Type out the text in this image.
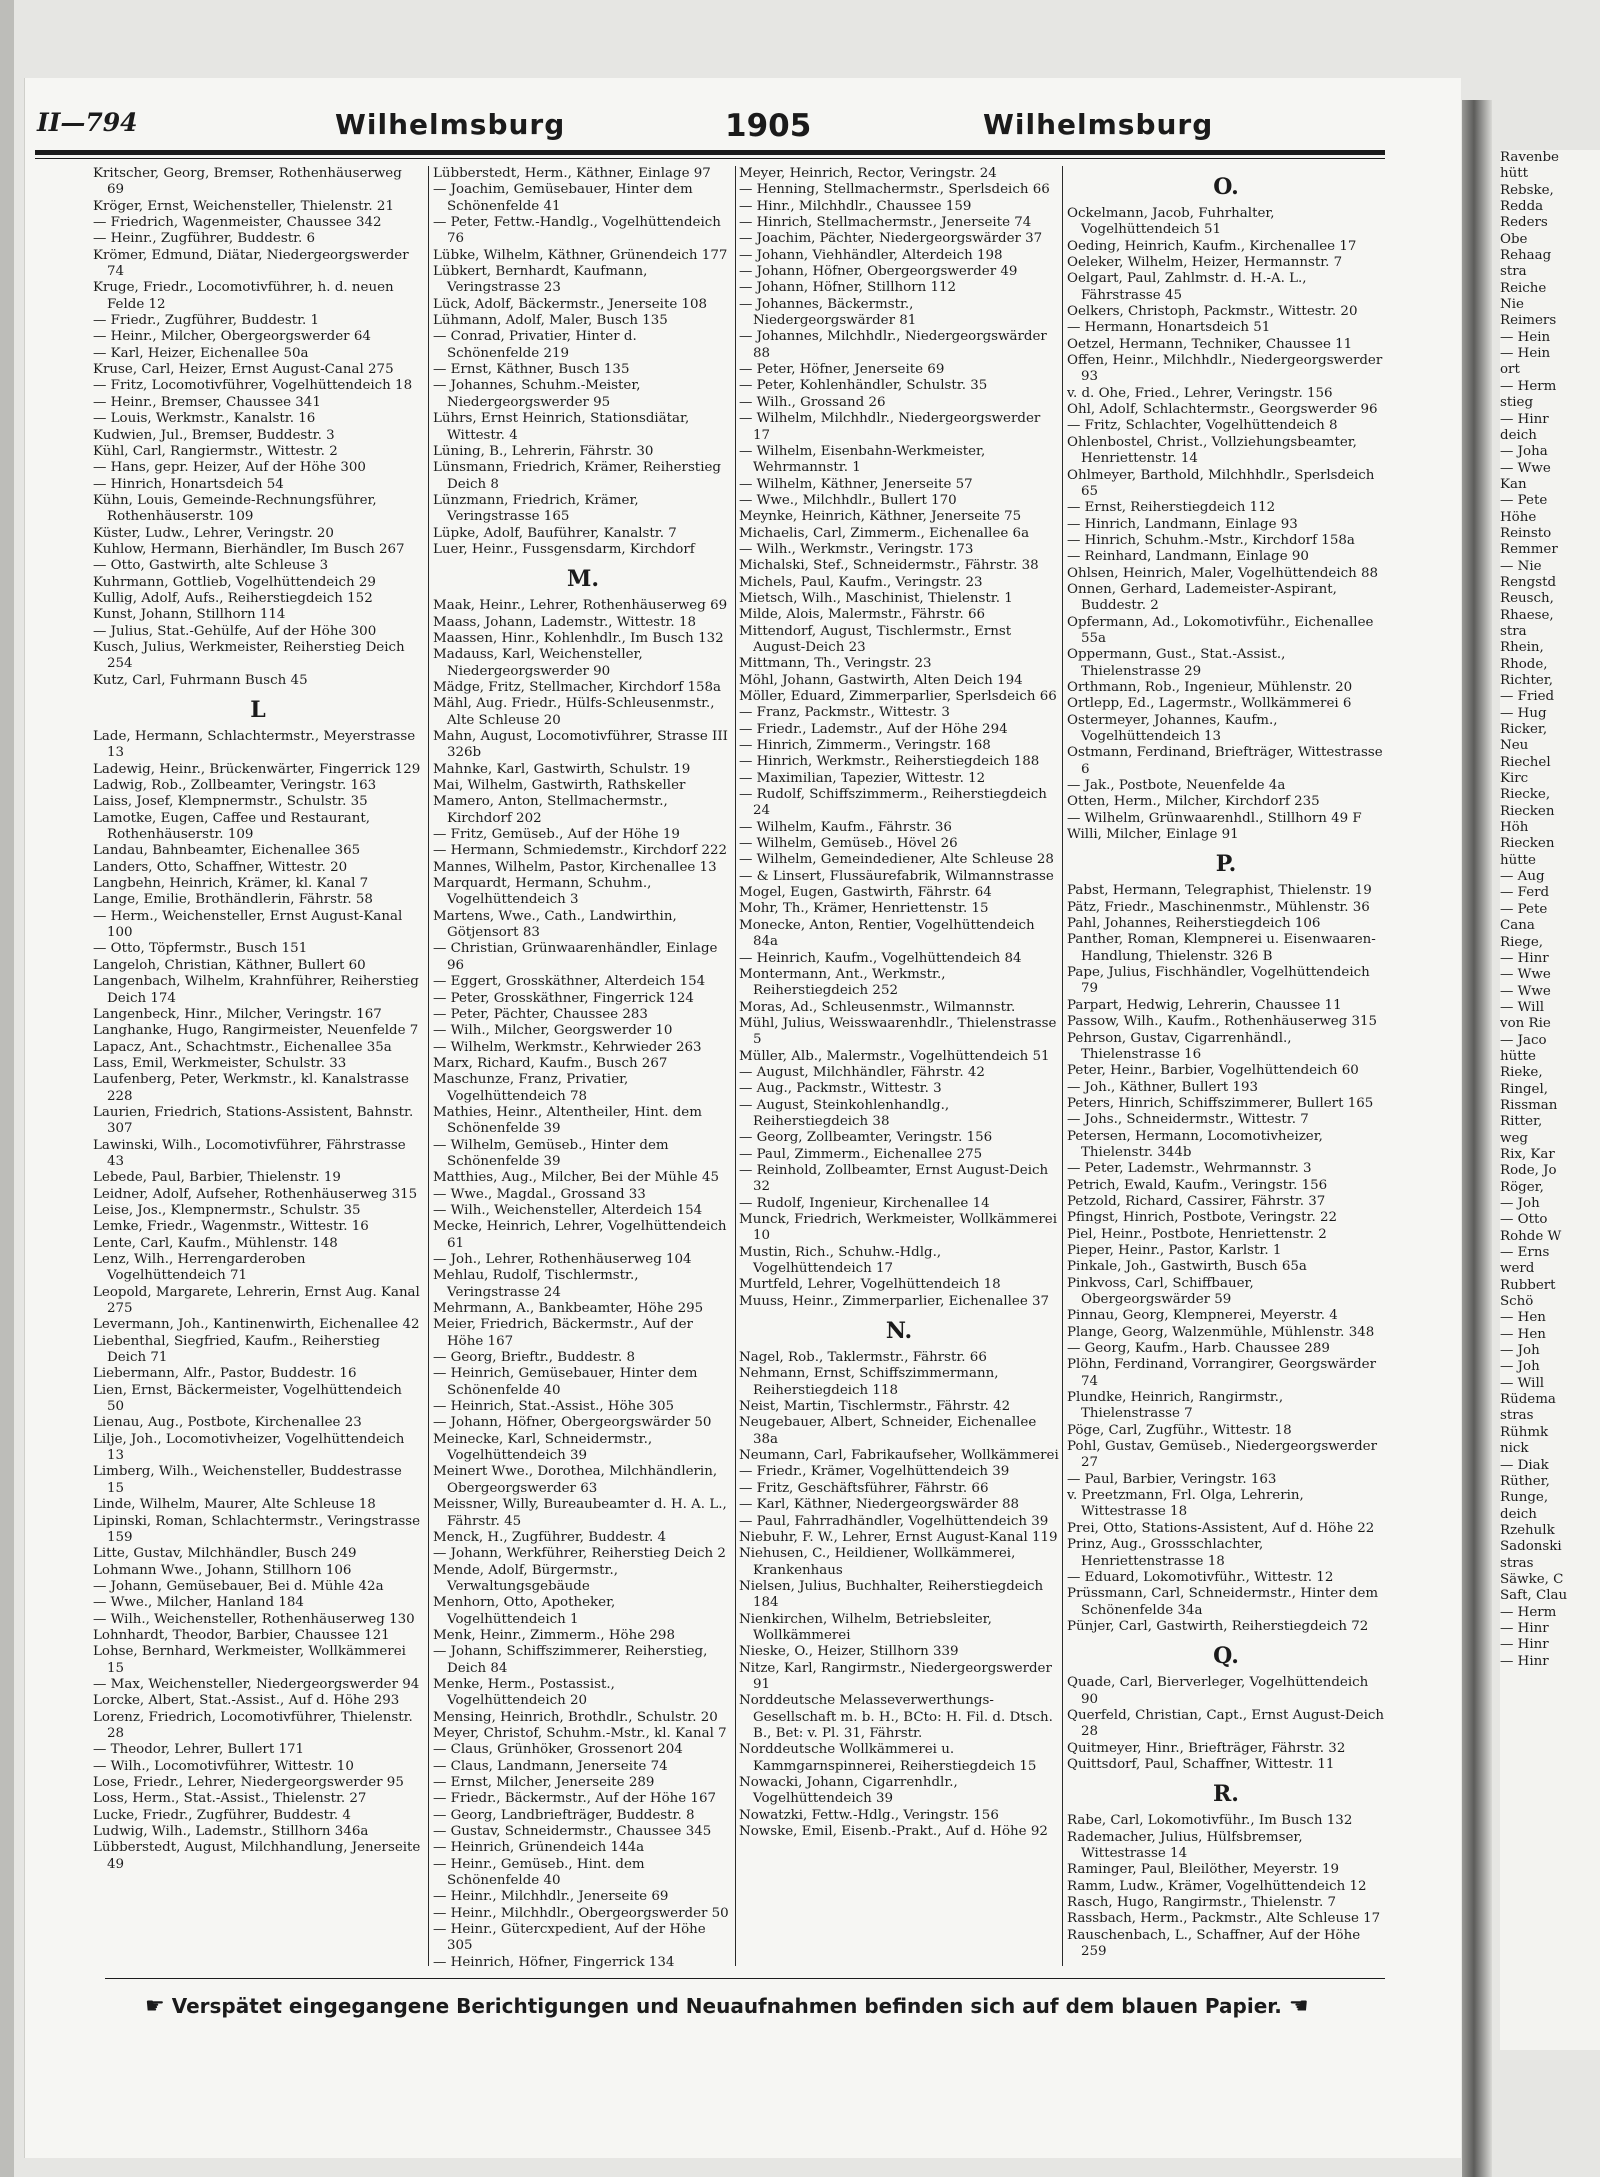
II—794	Wilhelmsburg	1905	Wilhelmsburg
Kritscher, Georg, Bremser, Rothenhäuserweg 69
Kröger, Ernst, Weichensteller, Thielenstr. 21
— Friedrich, Wagenmeister, Chaussee 342
— Heinr., Zugführer, Buddestr. 6
Krömer, Edmund, Diätar, Niedergeorgswerder 74
Kruge, Friedr., Locomotivführer, h. d. neuen Felde 12
— Friedr., Zugführer, Buddestr. 1
— Heinr., Milcher, Obergeorgswerder 64
— Karl, Heizer, Eichenallee 50a
Kruse, Carl, Heizer, Ernst August-Canal 275
— Fritz, Locomotivführer, Vogelhüttendeich 18
— Heinr., Bremser, Chaussee 341
— Louis, Werkmstr., Kanalstr. 16
Kudwien, Jul., Bremser, Buddestr. 3
Kühl, Carl, Rangiermstr., Wittestr. 2
— Hans, gepr. Heizer, Auf der Höhe 300
— Hinrich, Honartsdeich 54
Kühn, Louis, Gemeinde-Rechnungsführer, Rothenhäuserstr. 109
Küster, Ludw., Lehrer, Veringstr. 20
Kuhlow, Hermann, Bierhändler, Im Busch 267
— Otto, Gastwirth, alte Schleuse 3
Kuhrmann, Gottlieb, Vogelhüttendeich 29
Kullig, Adolf, Aufs., Reiherstiegdeich 152
Kunst, Johann, Stillhorn 114
— Julius, Stat.-Gehülfe, Auf der Höhe 300
Kusch, Julius, Werkmeister, Reiherstieg Deich 254
Kutz, Carl, Fuhrmann Busch 45
L
Lade, Hermann, Schlachtermstr., Meyerstrasse 13
Ladewig, Heinr., Brückenwärter, Fingerrick 129
Ladwig, Rob., Zollbeamter, Veringstr. 163
Laiss, Josef, Klempnermstr., Schulstr. 35
Lamotke, Eugen, Caffee und Restaurant, Rothenhäuserstr. 109
Landau, Bahnbeamter, Eichenallee 365
Landers, Otto, Schaffner, Wittestr. 20
Langbehn, Heinrich, Krämer, kl. Kanal 7
Lange, Emilie, Brothändlerin, Fährstr. 58
— Herm., Weichensteller, Ernst August-Kanal 100
— Otto, Töpfermstr., Busch 151
Langeloh, Christian, Käthner, Bullert 60
Langenbach, Wilhelm, Krahnführer, Reiherstieg Deich 174
Langenbeck, Hinr., Milcher, Veringstr. 167
Langhanke, Hugo, Rangirmeister, Neuenfelde 7
Lapacz, Ant., Schachtmstr., Eichenallee 35a
Lass, Emil, Werkmeister, Schulstr. 33
Laufenberg, Peter, Werkmstr., kl. Kanalstrasse 228
Laurien, Friedrich, Stations-Assistent, Bahnstr. 307
Lawinski, Wilh., Locomotivführer, Fährstrasse 43
Lebede, Paul, Barbier, Thielenstr. 19
Leidner, Adolf, Aufseher, Rothenhäuserweg 315
Leise, Jos., Klempnermstr., Schulstr. 35
Lemke, Friedr., Wagenmstr., Wittestr. 16
Lente, Carl, Kaufm., Mühlenstr. 148
Lenz, Wilh., Herrengarderoben Vogelhüttendeich 71
Leopold, Margarete, Lehrerin, Ernst Aug. Kanal 275
Levermann, Joh., Kantinenwirth, Eichenallee 42
Liebenthal, Siegfried, Kaufm., Reiherstieg Deich 71
Liebermann, Alfr., Pastor, Buddestr. 16
Lien, Ernst, Bäckermeister, Vogelhüttendeich 50
Lienau, Aug., Postbote, Kirchenallee 23
Lilje, Joh., Locomotivheizer, Vogelhüttendeich 13
Limberg, Wilh., Weichensteller, Buddestrasse 15
Linde, Wilhelm, Maurer, Alte Schleuse 18
Lipinski, Roman, Schlachtermstr., Veringstrasse 159
Litte, Gustav, Milchhändler, Busch 249
Lohmann Wwe., Johann, Stillhorn 106
— Johann, Gemüsebauer, Bei d. Mühle 42a
— Wwe., Milcher, Hanland 184
— Wilh., Weichensteller, Rothenhäuserweg 130
Lohnhardt, Theodor, Barbier, Chaussee 121
Lohse, Bernhard, Werkmeister, Wollkämmerei 15
— Max, Weichensteller, Niedergeorgswerder 94
Lorcke, Albert, Stat.-Assist., Auf d. Höhe 293
Lorenz, Friedrich, Locomotivführer, Thielenstr. 28
— Theodor, Lehrer, Bullert 171
— Wilh., Locomotivführer, Wittestr. 10
Lose, Friedr., Lehrer, Niedergeorgswerder 95
Loss, Herm., Stat.-Assist., Thielenstr. 27
Lucke, Friedr., Zugführer, Buddestr. 4
Ludwig, Wilh., Lademstr., Stillhorn 346a
Lübberstedt, August, Milchhandlung, Jenerseite 49
Lübberstedt, Herm., Käthner, Einlage 97
— Joachim, Gemüsebauer, Hinter dem Schönenfelde 41
— Peter, Fettw.-Handlg., Vogelhüttendeich 76
Lübke, Wilhelm, Käthner, Grünendeich 177
Lübkert, Bernhardt, Kaufmann, Veringstrasse 23
Lück, Adolf, Bäckermstr., Jenerseite 108
Lühmann, Adolf, Maler, Busch 135
— Conrad, Privatier, Hinter d. Schönenfelde 219
— Ernst, Käthner, Busch 135
— Johannes, Schuhm.-Meister, Niedergeorgswerder 95
Lührs, Ernst Heinrich, Stationsdiätar, Wittestr. 4
Lüning, B., Lehrerin, Fährstr. 30
Lünsmann, Friedrich, Krämer, Reiherstieg Deich 8
Lünzmann, Friedrich, Krämer, Veringstrasse 165
Lüpke, Adolf, Bauführer, Kanalstr. 7
Luer, Heinr., Fussgensdarm, Kirchdorf
M.
Maak, Heinr., Lehrer, Rothenhäuserweg 69
Maass, Johann, Lademstr., Wittestr. 18
Maassen, Hinr., Kohlenhdlr., Im Busch 132
Madauss, Karl, Weichensteller, Niedergeorgswerder 90
Mädge, Fritz, Stellmacher, Kirchdorf 158a
Mähl, Aug. Friedr., Hülfs-Schleusenmstr., Alte Schleuse 20
Mahn, August, Locomotivführer, Strasse III 326b
Mahnke, Karl, Gastwirth, Schulstr. 19
Mai, Wilhelm, Gastwirth, Rathskeller
Mamero, Anton, Stellmachermstr., Kirchdorf 202
— Fritz, Gemüseb., Auf der Höhe 19
— Hermann, Schmiedemstr., Kirchdorf 222
Mannes, Wilhelm, Pastor, Kirchenallee 13
Marquardt, Hermann, Schuhm., Vogelhüttendeich 3
Martens, Wwe., Cath., Landwirthin, Götjensort 83
— Christian, Grünwaarenhändler, Einlage 96
— Eggert, Grosskäthner, Alterdeich 154
— Peter, Grosskäthner, Fingerrick 124
— Peter, Pächter, Chaussee 283
— Wilh., Milcher, Georgswerder 10
— Wilhelm, Werkmstr., Kehrwieder 263
Marx, Richard, Kaufm., Busch 267
Maschunze, Franz, Privatier, Vogelhüttendeich 78
Mathies, Heinr., Altentheiler, Hint. dem Schönenfelde 39
— Wilhelm, Gemüseb., Hinter dem Schönenfelde 39
Matthies, Aug., Milcher, Bei der Mühle 45
— Wwe., Magdal., Grossand 33
— Wilh., Weichensteller, Alterdeich 154
Mecke, Heinrich, Lehrer, Vogelhüttendeich 61
— Joh., Lehrer, Rothenhäuserweg 104
Mehlau, Rudolf, Tischlermstr., Veringstrasse 24
Mehrmann, A., Bankbeamter, Höhe 295
Meier, Friedrich, Bäckermstr., Auf der Höhe 167
— Georg, Brieftr., Buddestr. 8
— Heinrich, Gemüsebauer, Hinter dem Schönenfelde 40
— Heinrich, Stat.-Assist., Höhe 305
— Johann, Höfner, Obergeorgswärder 50
Meinecke, Karl, Schneidermstr., Vogelhüttendeich 39
Meinert Wwe., Dorothea, Milchhändlerin, Obergeorgswerder 63
Meissner, Willy, Bureaubeamter d. H. A. L., Fährstr. 45
Menck, H., Zugführer, Buddestr. 4
— Johann, Werkführer, Reiherstieg Deich 2
Mende, Adolf, Bürgermstr., Verwaltungsgebäude
Menhorn, Otto, Apotheker, Vogelhüttendeich 1
Menk, Heinr., Zimmerm., Höhe 298
— Johann, Schiffszimmerer, Reiherstieg, Deich 84
Menke, Herm., Postassist., Vogelhüttendeich 20
Mensing, Heinrich, Brothdlr., Schulstr. 20
Meyer, Christof, Schuhm.-Mstr., kl. Kanal 7
— Claus, Grünhöker, Grossenort 204
— Claus, Landmann, Jenerseite 74
— Ernst, Milcher, Jenerseite 289
— Friedr., Bäckermstr., Auf der Höhe 167
— Georg, Landbriefträger, Buddestr. 8
— Gustav, Schneidermstr., Chaussee 345
— Heinrich, Grünendeich 144a
— Heinr., Gemüseb., Hint. dem Schönenfelde 40
— Heinr., Milchhdlr., Jenerseite 69
— Heinr., Milchhdlr., Obergeorgswerder 50
— Heinr., Gütercxpedient, Auf der Höhe 305
— Heinrich, Höfner, Fingerrick 134
Meyer, Heinrich, Rector, Veringstr. 24
— Henning, Stellmachermstr., Sperlsdeich 66
— Hinr., Milchhdlr., Chaussee 159
— Hinrich, Stellmachermstr., Jenerseite 74
— Joachim, Pächter, Niedergeorgswärder 37
— Johann, Viehhändler, Alterdeich 198
— Johann, Höfner, Obergeorgswerder 49
— Johann, Höfner, Stillhorn 112
— Johannes, Bäckermstr., Niedergeorgswärder 81
— Johannes, Milchhdlr., Niedergeorgswärder 88
— Peter, Höfner, Jenerseite 69
— Peter, Kohlenhändler, Schulstr. 35
— Wilh., Grossand 26
— Wilhelm, Milchhdlr., Niedergeorgswerder 17
— Wilhelm, Eisenbahn-Werkmeister, Wehrmannstr. 1
— Wilhelm, Käthner, Jenerseite 57
— Wwe., Milchhdlr., Bullert 170
Meynke, Heinrich, Käthner, Jenerseite 75
Michaelis, Carl, Zimmerm., Eichenallee 6a
— Wilh., Werkmstr., Veringstr. 173
Michalski, Stef., Schneidermstr., Fährstr. 38
Michels, Paul, Kaufm., Veringstr. 23
Mietsch, Wilh., Maschinist, Thielenstr. 1
Milde, Alois, Malermstr., Fährstr. 66
Mittendorf, August, Tischlermstr., Ernst August-Deich 23
Mittmann, Th., Veringstr. 23
Möhl, Johann, Gastwirth, Alten Deich 194
Möller, Eduard, Zimmerparlier, Sperlsdeich 66
— Franz, Packmstr., Wittestr. 3
— Friedr., Lademstr., Auf der Höhe 294
— Hinrich, Zimmerm., Veringstr. 168
— Hinrich, Werkmstr., Reiherstiegdeich 188
— Maximilian, Tapezier, Wittestr. 12
— Rudolf, Schiffszimmerm., Reiherstiegdeich 24
— Wilhelm, Kaufm., Fährstr. 36
— Wilhelm, Gemüseb., Hövel 26
— Wilhelm, Gemeindediener, Alte Schleuse 28
— & Linsert, Flussäurefabrik, Wilmannstrasse
Mogel, Eugen, Gastwirth, Fährstr. 64
Mohr, Th., Krämer, Henriettenstr. 15
Monecke, Anton, Rentier, Vogelhüttendeich 84a
— Heinrich, Kaufm., Vogelhüttendeich 84
Montermann, Ant., Werkmstr., Reiherstiegdeich 252
Moras, Ad., Schleusenmstr., Wilmannstr.
Mühl, Julius, Weisswaarenhdlr., Thielenstrasse 5
Müller, Alb., Malermstr., Vogelhüttendeich 51
— August, Milchhändler, Fährstr. 42
— Aug., Packmstr., Wittestr. 3
— August, Steinkohlenhandlg., Reiherstiegdeich 38
— Georg, Zollbeamter, Veringstr. 156
— Paul, Zimmerm., Eichenallee 275
— Reinhold, Zollbeamter, Ernst August-Deich 32
— Rudolf, Ingenieur, Kirchenallee 14
Munck, Friedrich, Werkmeister, Wollkämmerei 10
Mustin, Rich., Schuhw.-Hdlg., Vogelhüttendeich 17
Murtfeld, Lehrer, Vogelhüttendeich 18
Muuss, Heinr., Zimmerparlier, Eichenallee 37
N.
Nagel, Rob., Taklermstr., Fährstr. 66
Nehmann, Ernst, Schiffszimmermann, Reiherstiegdeich 118
Neist, Martin, Tischlermstr., Fährstr. 42
Neugebauer, Albert, Schneider, Eichenallee 38a
Neumann, Carl, Fabrikaufseher, Wollkämmerei
— Friedr., Krämer, Vogelhüttendeich 39
— Fritz, Geschäftsführer, Fährstr. 66
— Karl, Käthner, Niedergeorgswärder 88
— Paul, Fahrradhändler, Vogelhüttendeich 39
Niebuhr, F. W., Lehrer, Ernst August-Kanal 119
Niehusen, C., Heildiener, Wollkämmerei, Krankenhaus
Nielsen, Julius, Buchhalter, Reiherstiegdeich 184
Nienkirchen, Wilhelm, Betriebsleiter, Wollkämmerei
Nieske, O., Heizer, Stillhorn 339
Nitze, Karl, Rangirmstr., Niedergeorgswerder 91
Norddeutsche Melasseverwerthungs-Gesellschaft m. b. H., BCto: H. Fil. d. Dtsch. B., Bet: v. Pl. 31, Fährstr.
Norddeutsche Wollkämmerei u. Kammgarnspinnerei, Reiherstiegdeich 15
Nowacki, Johann, Cigarrenhdlr., Vogelhüttendeich 39
Nowatzki, Fettw.-Hdlg., Veringstr. 156
Nowske, Emil, Eisenb.-Prakt., Auf d. Höhe 92
O.
Ockelmann, Jacob, Fuhrhalter, Vogelhüttendeich 51
Oeding, Heinrich, Kaufm., Kirchenallee 17
Oeleker, Wilhelm, Heizer, Hermannstr. 7
Oelgart, Paul, Zahlmstr. d. H.-A. L., Fährstrasse 45
Oelkers, Christoph, Packmstr., Wittestr. 20
— Hermann, Honartsdeich 51
Oetzel, Hermann, Techniker, Chaussee 11
Offen, Heinr., Milchhdlr., Niedergeorgswerder 93
v. d. Ohe, Fried., Lehrer, Veringstr. 156
Ohl, Adolf, Schlachtermstr., Georgswerder 96
— Fritz, Schlachter, Vogelhüttendeich 8
Ohlenbostel, Christ., Vollziehungsbeamter, Henriettenstr. 14
Ohlmeyer, Barthold, Milchhhdlr., Sperlsdeich 65
— Ernst, Reiherstiegdeich 112
— Hinrich, Landmann, Einlage 93
— Hinrich, Schuhm.-Mstr., Kirchdorf 158a
— Reinhard, Landmann, Einlage 90
Ohlsen, Heinrich, Maler, Vogelhüttendeich 88
Onnen, Gerhard, Lademeister-Aspirant, Buddestr. 2
Opfermann, Ad., Lokomotivführ., Eichenallee 55a
Oppermann, Gust., Stat.-Assist., Thielenstrasse 29
Orthmann, Rob., Ingenieur, Mühlenstr. 20
Ortlepp, Ed., Lagermstr., Wollkämmerei 6
Ostermeyer, Johannes, Kaufm., Vogelhüttendeich 13
Ostmann, Ferdinand, Briefträger, Wittestrasse 6
— Jak., Postbote, Neuenfelde 4a
Otten, Herm., Milcher, Kirchdorf 235
— Wilhelm, Grünwaarenhdl., Stillhorn 49 F
Willi, Milcher, Einlage 91
P.
Pabst, Hermann, Telegraphist, Thielenstr. 19
Pätz, Friedr., Maschinenmstr., Mühlenstr. 36
Pahl, Johannes, Reiherstiegdeich 106
Panther, Roman, Klempnerei u. Eisenwaaren-Handlung, Thielenstr. 326 B
Pape, Julius, Fischhändler, Vogelhüttendeich 79
Parpart, Hedwig, Lehrerin, Chaussee 11
Passow, Wilh., Kaufm., Rothenhäuserweg 315
Pehrson, Gustav, Cigarrenhändl., Thielenstrasse 16
Peter, Heinr., Barbier, Vogelhüttendeich 60
— Joh., Käthner, Bullert 193
Peters, Hinrich, Schiffszimmerer, Bullert 165
— Johs., Schneidermstr., Wittestr. 7
Petersen, Hermann, Locomotivheizer, Thielenstr. 344b
— Peter, Lademstr., Wehrmannstr. 3
Petrich, Ewald, Kaufm., Veringstr. 156
Petzold, Richard, Cassirer, Fährstr. 37
Pfingst, Hinrich, Postbote, Veringstr. 22
Piel, Heinr., Postbote, Henriettenstr. 2
Pieper, Heinr., Pastor, Karlstr. 1
Pinkale, Joh., Gastwirth, Busch 65a
Pinkvoss, Carl, Schiffbauer, Obergeorgswärder 59
Pinnau, Georg, Klempnerei, Meyerstr. 4
Plange, Georg, Walzenmühle, Mühlenstr. 348
— Georg, Kaufm., Harb. Chaussee 289
Plöhn, Ferdinand, Vorrangirer, Georgswärder 74
Plundke, Heinrich, Rangirmstr., Thielenstrasse 7
Pöge, Carl, Zugführ., Wittestr. 18
Pohl, Gustav, Gemüseb., Niedergeorgswerder 27
— Paul, Barbier, Veringstr. 163
v. Preetzmann, Frl. Olga, Lehrerin, Wittestrasse 18
Prei, Otto, Stations-Assistent, Auf d. Höhe 22
Prinz, Aug., Grossschlachter, Henriettenstrasse 18
— Eduard, Lokomotivführ., Wittestr. 12
Prüssmann, Carl, Schneidermstr., Hinter dem Schönenfelde 34a
Pünjer, Carl, Gastwirth, Reiherstiegdeich 72
Q.
Quade, Carl, Bierverleger, Vogelhüttendeich 90
Querfeld, Christian, Capt., Ernst August-Deich 28
Quitmeyer, Hinr., Briefträger, Fährstr. 32
Quittsdorf, Paul, Schaffner, Wittestr. 11
R.
Rabe, Carl, Lokomotivführ., Im Busch 132
Rademacher, Julius, Hülfsbremser, Wittestrasse 14
Raminger, Paul, Bleilöther, Meyerstr. 19
Ramm, Ludw., Krämer, Vogelhüttendeich 12
Rasch, Hugo, Rangirmstr., Thielenstr. 7
Rassbach, Herm., Packmstr., Alte Schleuse 17
Rauschenbach, L., Schaffner, Auf der Höhe 259
☛ Verspätet eingegangene Berichtigungen und Neuaufnahmen befinden sich auf dem blauen Papier. ☚
Ravenbe
hütt
Rebske,
Redda
Reders
Obe
Rehaag
stra
Reiche
Nie
Reimers
— Hein
— Hein
ort
— Herm
stieg
— Hinr
deich
— Joha
— Wwe
Kan
— Pete
Höhe
Reinsto
Remmer
— Nie
Rengstd
Reusch,
Rhaese,
stra
Rhein,
Rhode,
Richter,
— Fried
— Hug
Ricker,
Neu
Riechel
Kirc
Riecke,
Riecken
Höh
Riecken
hütte
— Aug
— Ferd
— Pete
Cana
Riege,
— Hinr
— Wwe
— Wwe
— Will
von Rie
— Jaco
hütte
Rieke,
Ringel,
Rissman
Ritter,
weg
Rix, Kar
Rode, Jo
Röger,
— Joh
— Otto
Rohde W
— Erns
werd
Rubbert
Schö
— Hen
— Hen
— Joh
— Joh
— Will
Rüdema
stras
Rühmk
nick
— Diak
Rüther,
Runge,
deich
Rzehulk
Sadonski
stras
Säwke, C
Saft, Clau
— Herm
— Hinr
— Hinr
— Hinr
